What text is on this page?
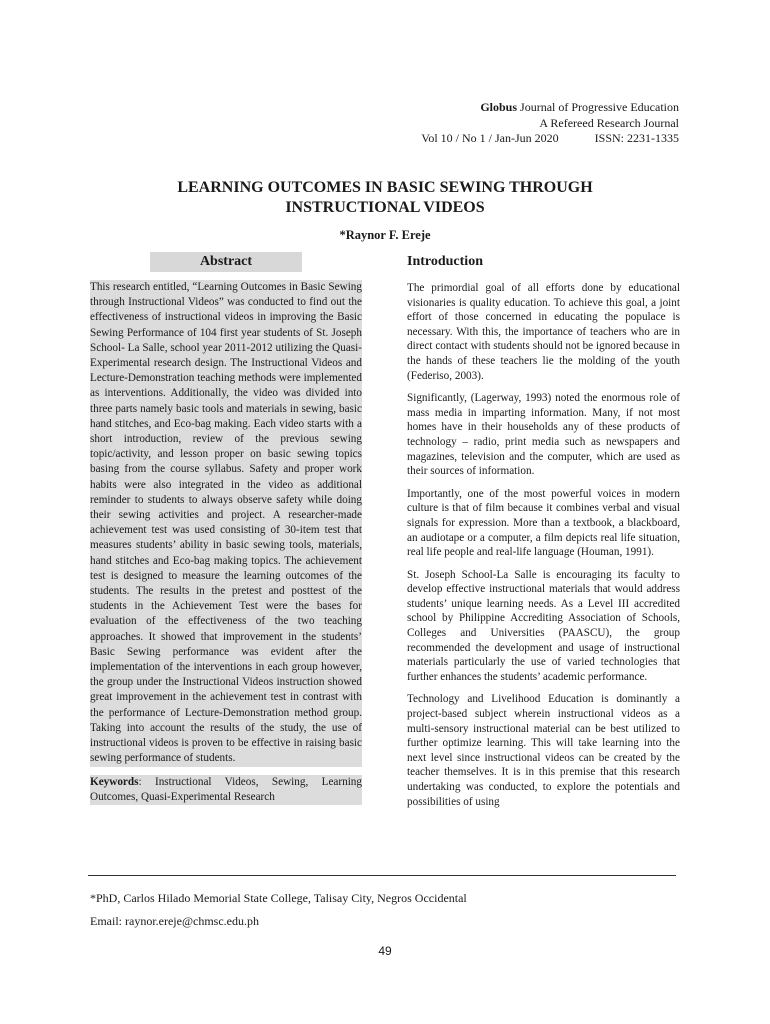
Globus Journal of Progressive Education
A Refereed Research Journal
Vol 10 / No 1 / Jan-Jun 2020	ISSN: 2231-1335
LEARNING OUTCOMES IN BASIC SEWING THROUGH
INSTRUCTIONAL VIDEOS
*Raynor F. Ereje
Abstract

This research entitled, “Learning Outcomes in Basic Sewing through Instructional Videos” was conducted to find out the effectiveness of instructional videos in improving the Basic Sewing Performance of 104 first year students of St. Joseph School- La Salle, school year 2011-2012 utilizing the Quasi-Experimental research design. The Instructional Videos and Lecture-Demonstration teaching methods were implemented as interventions. Additionally, the video was divided into three parts namely basic tools and materials in sewing, basic hand stitches, and Eco-bag making. Each video starts with a short introduction, review of the previous sewing topic/activity, and lesson proper on basic sewing topics basing from the course syllabus. Safety and proper work habits were also integrated in the video as additional reminder to students to always observe safety while doing their sewing activities and project. A researcher-made achievement test was used consisting of 30-item test that measures students’ ability in basic sewing tools, materials, hand stitches and Eco-bag making topics. The achievement test is designed to measure the learning outcomes of the students. The results in the pretest and posttest of the students in the Achievement Test were the bases for evaluation of the effectiveness of the two teaching approaches. It showed that improvement in the students’ Basic Sewing performance was evident after the implementation of the interventions in each group however, the group under the Instructional Videos instruction showed great improvement in the achievement test in contrast with the performance of Lecture-Demonstration method group. Taking into account the results of the study, the use of instructional videos is proven to be effective in raising basic sewing performance of students.

Keywords: Instructional Videos, Sewing, Learning Outcomes, Quasi-Experimental Research

Introduction

The primordial goal of all efforts done by educational visionaries is quality education. To achieve this goal, a joint effort of those concerned in educating the populace is necessary. With this, the importance of teachers who are in direct contact with students should not be ignored because in the hands of these teachers lie the molding of the youth (Federiso, 2003).

Significantly, (Lagerway, 1993) noted the enormous role of mass media in imparting information. Many, if not most homes have in their households any of these products of technology – radio, print media such as newspapers and magazines, television and the computer, which are used as their sources of information.

Importantly, one of the most powerful voices in modern culture is that of film because it combines verbal and visual signals for expression. More than a textbook, a blackboard, an audiotape or a computer, a film depicts real life situation, real life people and real-life language (Houman, 1991).

St. Joseph School-La Salle is encouraging its faculty to develop effective instructional materials that would address students’ unique learning needs. As a Level III accredited school by Philippine Accrediting Association of Schools, Colleges and Universities (PAASCU), the group recommended the development and usage of instructional materials particularly the use of varied technologies that further enhances the students’ academic performance.

Technology and Livelihood Education is dominantly a project-based subject wherein instructional videos as a multi-sensory instructional material can be best utilized to further optimize learning. This will take learning into the next level since instructional videos can be created by the teacher themselves. It is in this premise that this research undertaking was conducted, to explore the potentials and possibilities of using

*PhD, Carlos Hilado Memorial State College, Talisay City, Negros Occidental
Email: raynor.ereje@chmsc.edu.ph
49
